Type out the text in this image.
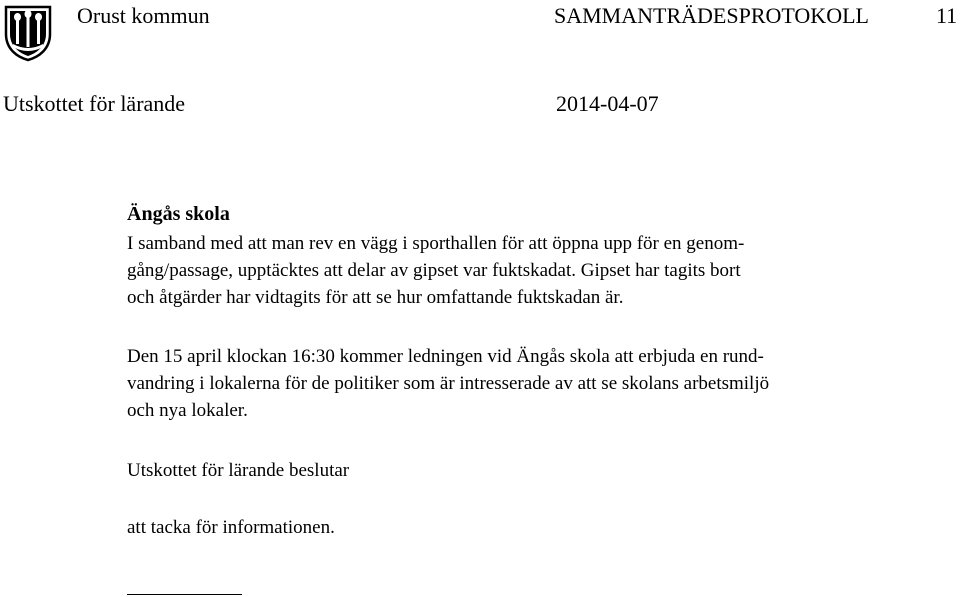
Orust kommun	SAMMANTRÄDESPROTOKOLL	11
Utskottet för lärande	2014-04-07
Ängås skola
I samband med att man rev en vägg i sporthallen för att öppna upp för en genom-
gång/passage, upptäcktes att delar av gipset var fuktskadat. Gipset har tagits bort
och åtgärder har vidtagits för att se hur omfattande fuktskadan är.
Den 15 april klockan 16:30 kommer ledningen vid Ängås skola att erbjuda en rund-
vandring i lokalerna för de politiker som är intresserade av att se skolans arbetsmiljö
och nya lokaler.
Utskottet för lärande beslutar
att tacka för informationen.
